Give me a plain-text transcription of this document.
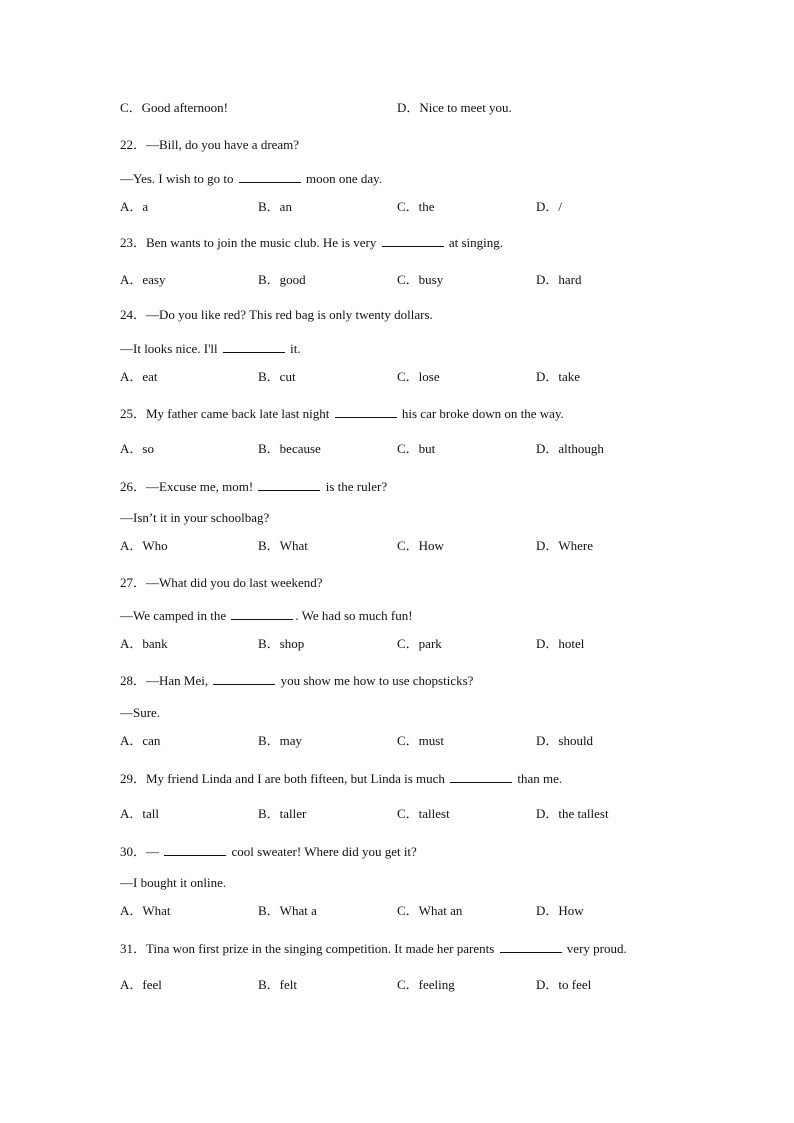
C．Good afternoon!	D．Nice to meet you.
22．—Bill, do you have a dream?
—Yes. I wish to go to	moon one day.
A．a	B．an	C．the	D．/
23．Ben wants to join the music club. He is very	at singing.
A．easy	B．good	C．busy	D．hard
24．—Do you like red? This red bag is only twenty dollars.
—It looks nice. I'll	it.
A．eat	B．cut	C．lose	D．take
25．My father came back late last night	his car broke down on the way.
A．so	B．because	C．but	D．although
26．—Excuse me, mom!	is the ruler?
—Isn’t it in your schoolbag?
A．Who	B．What	C．How	D．Where
27．—What did you do last weekend?
—We camped in the	. We had so much fun!
A．bank	B．shop	C．park	D．hotel
28．—Han Mei,	you show me how to use chopsticks?
—Sure.
A．can	B．may	C．must	D．should
29．My friend Linda and I are both fifteen, but Linda is much	than me.
A．tall	B．taller	C．tallest	D．the tallest
30．—	cool sweater! Where did you get it?
—I bought it online.
A．What	B．What a	C．What an	D．How
31．Tina won first prize in the singing competition. It made her parents	very proud.
A．feel	B．felt	C．feeling	D．to feel
